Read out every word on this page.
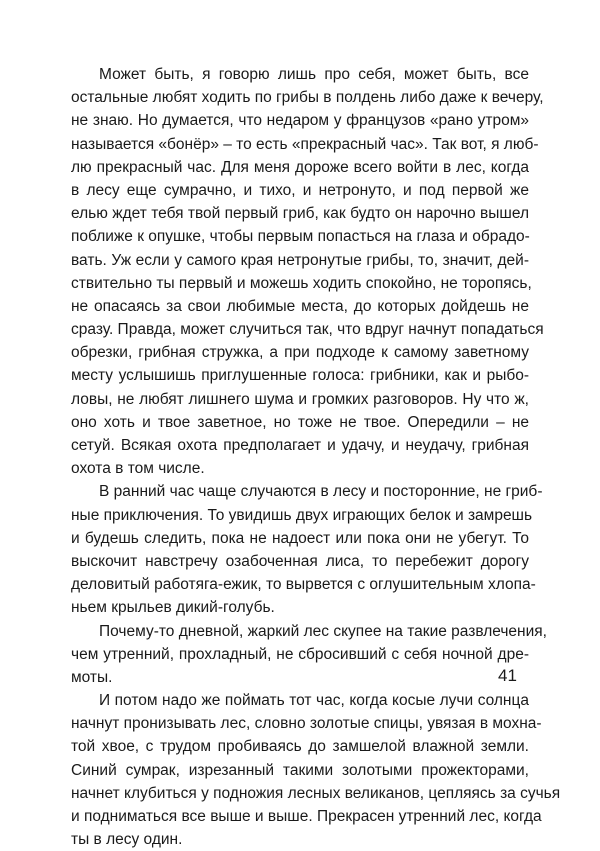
Может быть, я говорю лишь про себя, может быть, все
остальные любят ходить по грибы в полдень либо даже к вечеру,
не знаю. Но думается, что недаром у французов «рано утром»
называется «бонёр» – то есть «прекрасный час». Так вот, я люб-
лю прекрасный час. Для меня дороже всего войти в лес, когда
в лесу еще сумрачно, и тихо, и нетронуто, и под первой же
елью ждет тебя твой первый гриб, как будто он нарочно вышел
поближе к опушке, чтобы первым попасться на глаза и обрадо-
вать. Уж если у самого края нетронутые грибы, то, значит, дей-
ствительно ты первый и можешь ходить спокойно, не торопясь,
не опасаясь за свои любимые места, до которых дойдешь не
сразу. Правда, может случиться так, что вдруг начнут попадаться
обрезки, грибная стружка, а при подходе к самому заветному
месту услышишь приглушенные голоса: грибники, как и рыбо-
ловы, не любят лишнего шума и громких разговоров. Ну что ж,
оно хоть и твое заветное, но тоже не твое. Опередили – не
сетуй. Всякая охота предполагает и удачу, и неудачу, грибная
охота в том числе.
В ранний час чаще случаются в лесу и посторонние, не гриб-
ные приключения. То увидишь двух играющих белок и замрешь
и будешь следить, пока не надоест или пока они не убегут. То
выскочит навстречу озабоченная лиса, то перебежит дорогу
деловитый работяга-ежик, то вырвется с оглушительным хлопа-
ньем крыльев дикий-голубь.
Почему-то дневной, жаркий лес скупее на такие развлечения,
чем утренний, прохладный, не сбросивший с себя ночной дре-
моты.
И потом надо же поймать тот час, когда косые лучи солнца
начнут пронизывать лес, словно золотые спицы, увязая в мохна-
той хвое, с трудом пробиваясь до замшелой влажной земли.
Синий сумрак, изрезанный такими золотыми прожекторами,
начнет клубиться у подножия лесных великанов, цепляясь за сучья
и подниматься все выше и выше. Прекрасен утренний лес, когда
ты в лесу один.
41
